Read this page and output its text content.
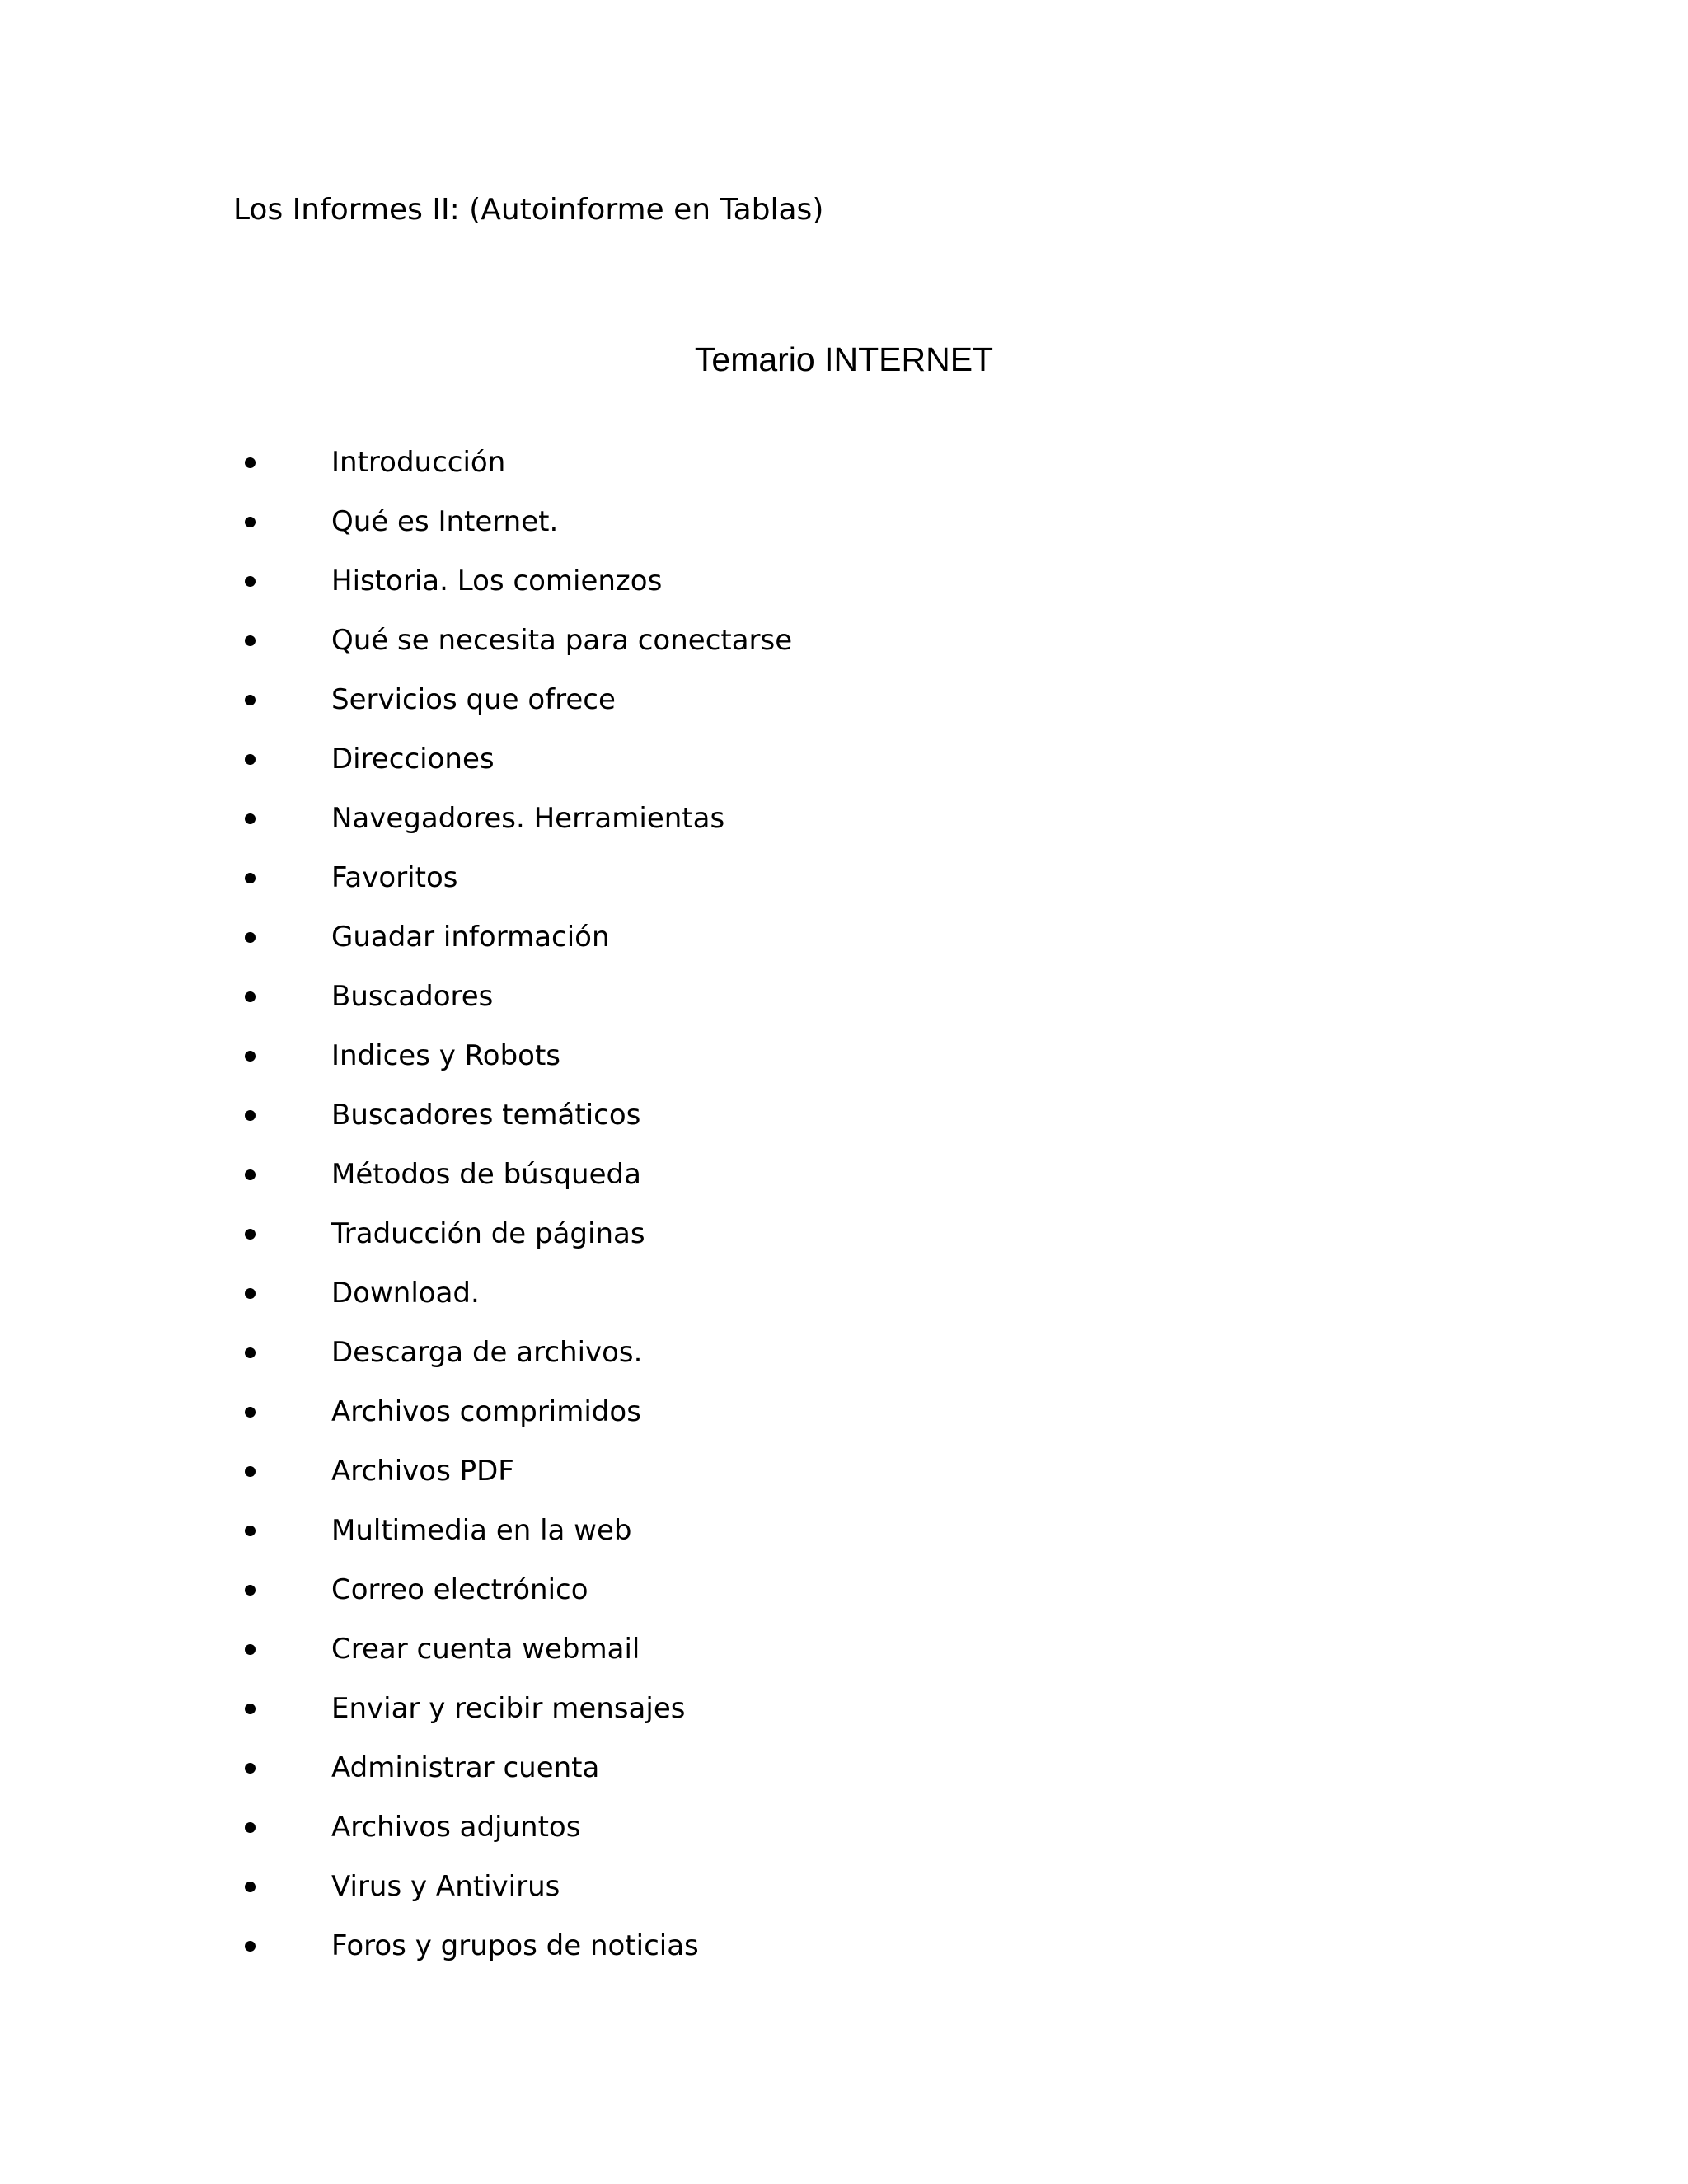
Los Informes II: (Autoinforme en Tablas)
Temario INTERNET
Introducción
Qué es Internet.
Historia. Los comienzos
Qué se necesita para conectarse
Servicios que ofrece
Direcciones
Navegadores. Herramientas
Favoritos
Guadar información
Buscadores
Indices y Robots
Buscadores temáticos
Métodos de búsqueda
Traducción de páginas
Download.
Descarga de archivos.
Archivos comprimidos
Archivos PDF
Multimedia en la web
Correo electrónico
Crear cuenta webmail
Enviar y recibir mensajes
Administrar cuenta
Archivos adjuntos
Virus y Antivirus
Foros y grupos de noticias
